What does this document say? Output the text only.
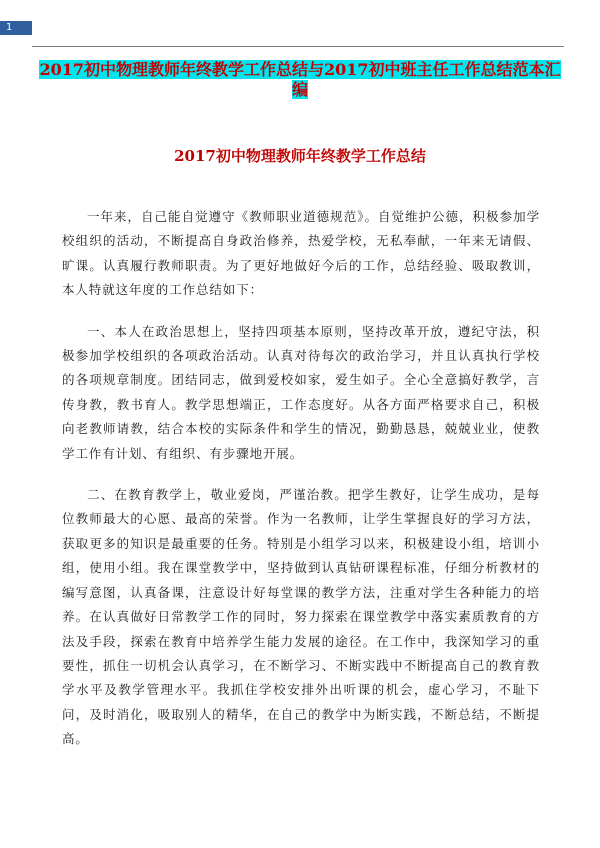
1
2017初中物理教师年终教学工作总结与2017初中班主任工作总结范本汇编
2017初中物理教师年终教学工作总结

一年来，自己能自觉遵守《教师职业道德规范》。自觉维护公德，积极参加学校组织的活动，不断提高自身政治修养，热爱学校，无私奉献，一年来无请假、旷课。认真履行教师职责。为了更好地做好今后的工作，总结经验、吸取教训，本人特就这年度的工作总结如下：

一、本人在政治思想上，坚持四项基本原则，坚持改革开放，遵纪守法，积极参加学校组织的各项政治活动。认真对待每次的政治学习，并且认真执行学校的各项规章制度。团结同志，做到爱校如家，爱生如子。全心全意搞好教学，言传身教，教书育人。教学思想端正，工作态度好。从各方面严格要求自己，积极向老教师请教，结合本校的实际条件和学生的情况，勤勤恳恳，兢兢业业，使教学工作有计划、有组织、有步骤地开展。

二、在教育教学上，敬业爱岗，严谨治教。把学生教好，让学生成功，是每位教师最大的心愿、最高的荣誉。作为一名教师，让学生掌握良好的学习方法，获取更多的知识是最重要的任务。特别是小组学习以来，积极建设小组，培训小组，使用小组。我在课堂教学中，坚持做到认真钻研课程标准，仔细分析教材的编写意图，认真备课，注意设计好每堂课的教学方法，注重对学生各种能力的培养。在认真做好日常教学工作的同时，努力探索在课堂教学中落实素质教育的方法及手段，探索在教育中培养学生能力发展的途径。在工作中，我深知学习的重要性，抓住一切机会认真学习，在不断学习、不断实践中不断提高自己的教育教学水平及教学管理水平。我抓住学校安排外出听课的机会，虚心学习，不耻下问，及时消化，吸取别人的精华，在自己的教学中为断实践，不断总结，不断提高。
